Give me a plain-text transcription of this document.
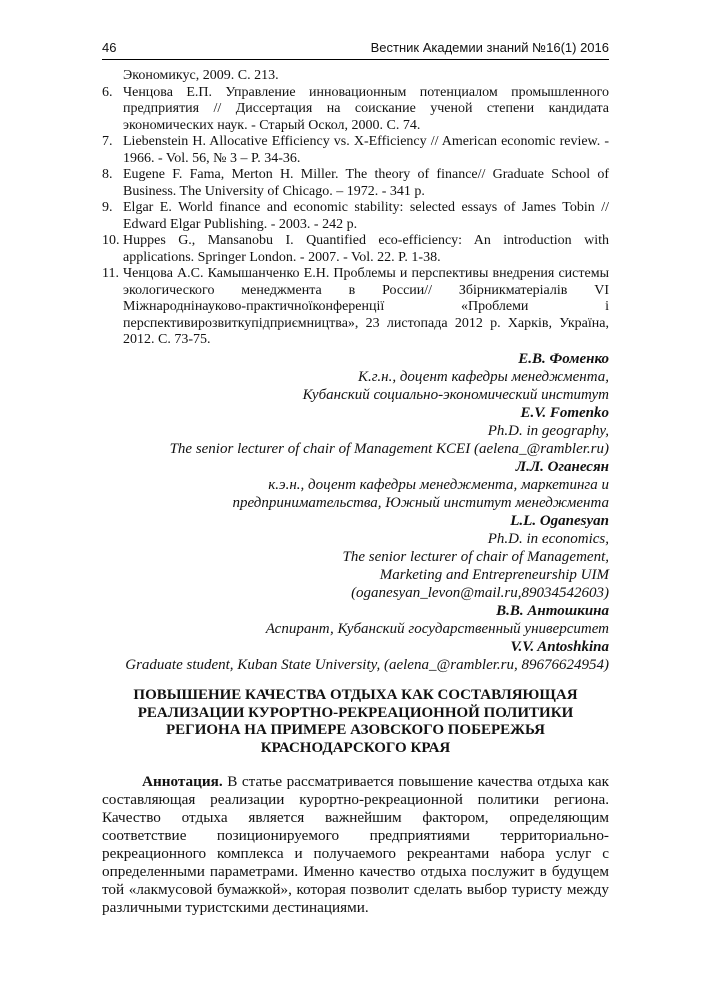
46	Вестник Академии знаний №16(1) 2016
Экономикус, 2009. С. 213.
6. Ченцова Е.П. Управление инновационным потенциалом промышленного предприятия // Диссертация на соискание ученой степени кандидата экономических наук. - Старый Оскол, 2000. С. 74.
7. Liebenstein H. Allocative Efficiency vs. X-Efficiency // American economic review. - 1966. - Vol. 56, № 3 – P. 34-36.
8. Eugene F. Fama, Merton H. Miller. The theory of finance// Graduate School of Business. The University of Chicago. – 1972. - 341 p.
9. Elgar E. World finance and economic stability: selected essays of James Tobin // Edward Elgar Publishing. - 2003. - 242 p.
10. Huppes G., Mansanobu I. Quantified eco-efficiency: An introduction with applications. Springer London. - 2007. - Vol. 22. P. 1-38.
11. Ченцова А.С. Камышанченко Е.Н. Проблемы и перспективы внедрения системы экологического менеджмента в России// Збірникматеріалів VI Міжнароднінауково-практичноїконференції «Проблеми і перспективирозвиткупідприємництва», 23 листопада 2012 р. Харків, Україна, 2012. С. 73-75.
Е.В. Фоменко
К.г.н., доцент кафедры менеджмента,
Кубанский социально-экономический институт
E.V. Fomenko
Ph.D. in geography,
The senior lecturer of chair of Management KCEI (aelena_@rambler.ru)
Л.Л. Оганесян
к.э.н., доцент кафедры менеджмента, маркетинга и
предпринимательства, Южный институт менеджмента
L.L. Oganesyan
Ph.D. in economics,
The senior lecturer of chair of Management,
Marketing and Entrepreneurship UIM
(oganesyan_levon@mail.ru,89034542603)
В.В. Антошкина
Аспирант, Кубанский государственный университет
V.V. Antoshkina
Graduate student, Kuban State University, (aelena_@rambler.ru, 89676624954)
ПОВЫШЕНИЕ КАЧЕСТВА ОТДЫХА КАК СОСТАВЛЯЮЩАЯ
РЕАЛИЗАЦИИ КУРОРТНО-РЕКРЕАЦИОННОЙ ПОЛИТИКИ
РЕГИОНА НА ПРИМЕРЕ АЗОВСКОГО ПОБЕРЕЖЬЯ
КРАСНОДАРСКОГО КРАЯ
Аннотация. В статье рассматривается повышение качества отдыха как составляющая реализации курортно-рекреационной политики региона. Качество отдыха является важнейшим фактором, определяющим соответствие позиционируемого предприятиями территориально-рекреационного комплекса и получаемого рекреантами набора услуг с определенными параметрами. Именно качество отдыха послужит в будущем той «лакмусовой бумажкой», которая позволит сделать выбор туристу между различными туристскими дестинациями.
